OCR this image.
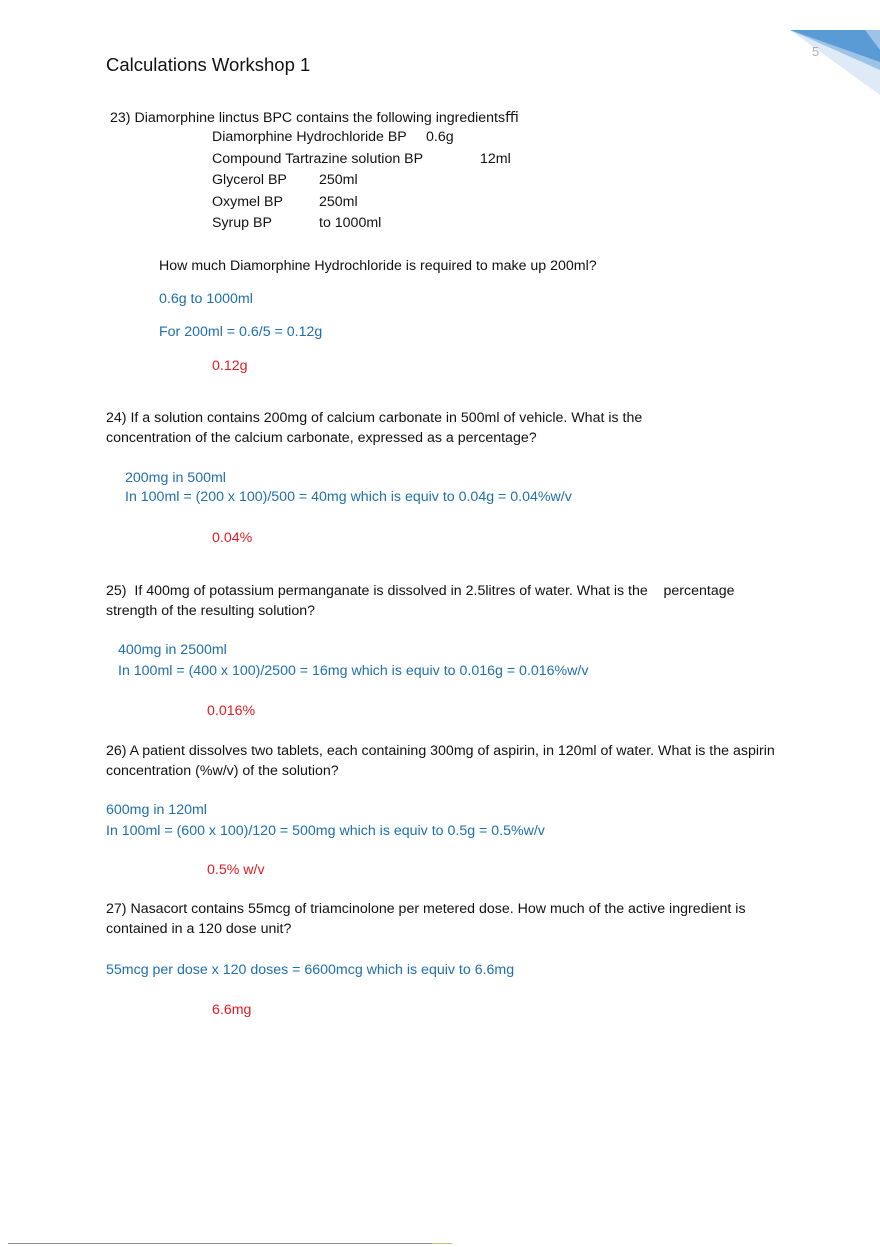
5
Calculations Workshop 1
23) Diamorphine linctus BPC contains the following ingredientsﬃ
Diamorphine Hydrochloride BP 0.6g
Compound Tartrazine solution BP	12ml
Glycerol BP 250ml
Oxymel BP	250ml
Syrup BP	to 1000ml
How much Diamorphine Hydrochloride is required to make up 200ml?
0.6g to 1000ml
For 200ml = 0.6/5 = 0.12g
0.12g
24) If a solution contains 200mg of calcium carbonate in 500ml of vehicle. What is the concentration of the calcium carbonate, expressed as a percentage?
200mg in 500ml
In 100ml = (200 x 100)/500 = 40mg which is equiv to 0.04g = 0.04%w/v
0.04%
25)  If 400mg of potassium permanganate is dissolved in 2.5litres of water. What is the    percentage strength of the resulting solution?
400mg in 2500ml
In 100ml = (400 x 100)/2500 = 16mg which is equiv to 0.016g = 0.016%w/v
0.016%
26) A patient dissolves two tablets, each containing 300mg of aspirin, in 120ml of water. What is the aspirin concentration (%w/v) of the solution?
600mg in 120ml
In 100ml = (600 x 100)/120 = 500mg which is equiv to 0.5g = 0.5%w/v
0.5% w/v
27) Nasacort contains 55mcg of triamcinolone per metered dose. How much of the active ingredient is contained in a 120 dose unit?
55mcg per dose x 120 doses = 6600mcg which is equiv to 6.6mg
6.6mg
